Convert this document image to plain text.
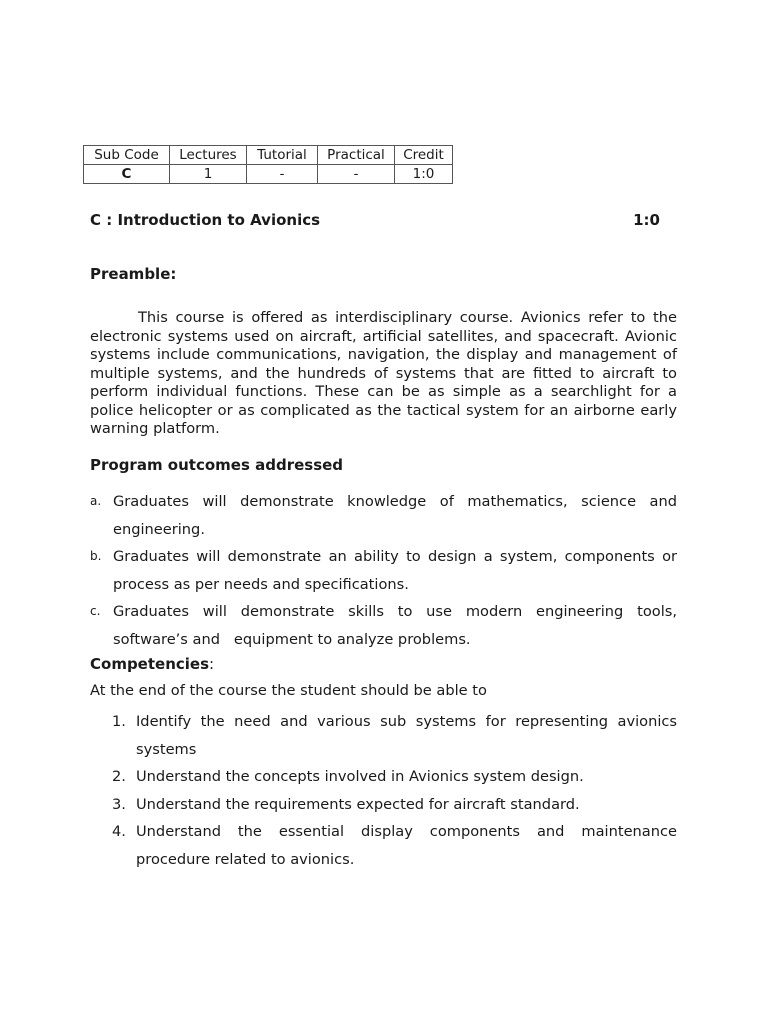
Sub Code	Lectures	Tutorial	Practical	Credit
C	1	-	-	1:0
C : Introduction to Avionics	1:0
Preamble:

This course is offered as interdisciplinary course. Avionics refer to the electronic systems used on aircraft, artificial satellites, and spacecraft. Avionic systems include communications, navigation, the display and management of multiple systems, and the hundreds of systems that are fitted to aircraft to perform individual functions. These can be as simple as a searchlight for a police helicopter or as complicated as the tactical system for an airborne early warning platform.

Program outcomes addressed
a. Graduates will demonstrate knowledge of mathematics, science and engineering.
b. Graduates will demonstrate an ability to design a system, components or process as per needs and specifications.
c. Graduates will demonstrate skills to use modern engineering tools, software’s and   equipment to analyze problems.
Competencies:
At the end of the course the student should be able to
1. Identify the need and various sub systems for representing avionics systems
2. Understand the concepts involved in Avionics system design.
3. Understand the requirements expected for aircraft standard.
4. Understand the essential display components and maintenance procedure related to avionics.
